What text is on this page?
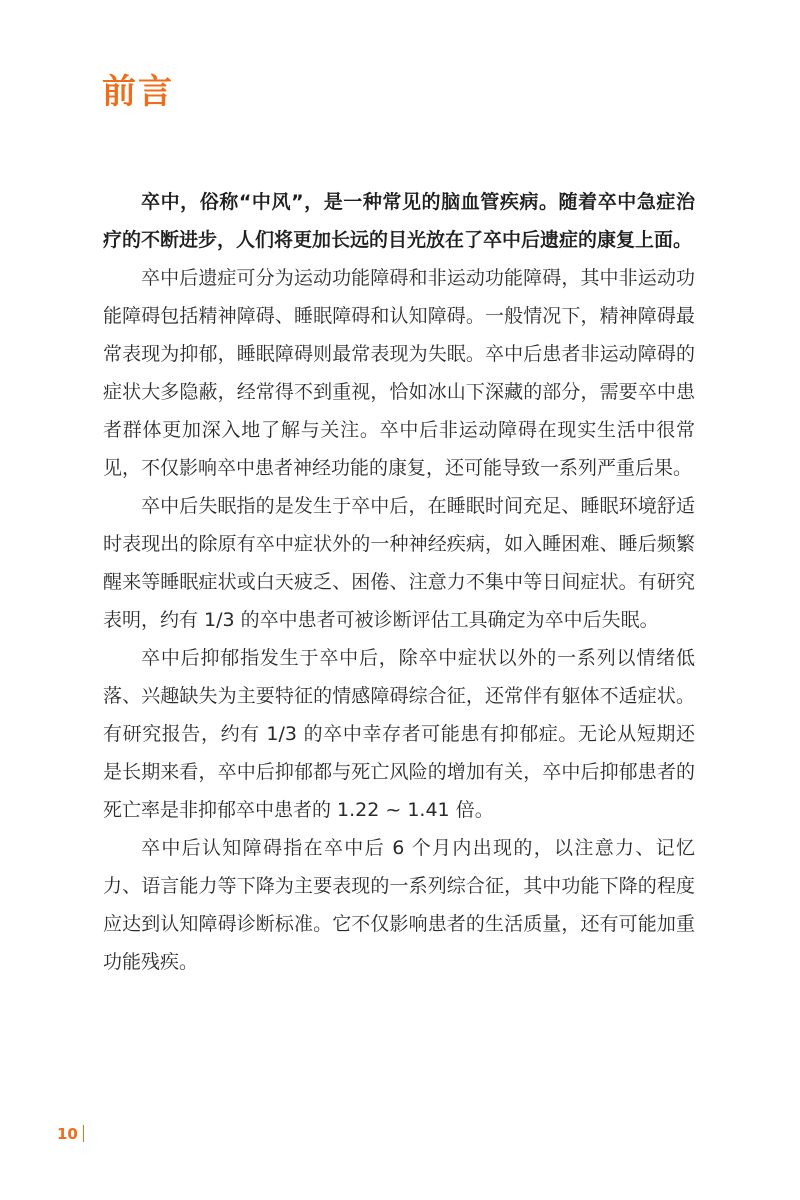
前言

卒中，俗称“中风”，是一种常见的脑血管疾病。随着卒中急症治疗的不断进步，人们将更加长远的目光放在了卒中后遗症的康复上面。

卒中后遗症可分为运动功能障碍和非运动功能障碍，其中非运动功能障碍包括精神障碍、睡眠障碍和认知障碍。一般情况下，精神障碍最常表现为抑郁，睡眠障碍则最常表现为失眠。卒中后患者非运动障碍的症状大多隐蔽，经常得不到重视，恰如冰山下深藏的部分，需要卒中患者群体更加深入地了解与关注。卒中后非运动障碍在现实生活中很常见，不仅影响卒中患者神经功能的康复，还可能导致一系列严重后果。

卒中后失眠指的是发生于卒中后，在睡眠时间充足、睡眠环境舒适时表现出的除原有卒中症状外的一种神经疾病，如入睡困难、睡后频繁醒来等睡眠症状或白天疲乏、困倦、注意力不集中等日间症状。有研究表明，约有 1/3 的卒中患者可被诊断评估工具确定为卒中后失眠。

卒中后抑郁指发生于卒中后，除卒中症状以外的一系列以情绪低落、兴趣缺失为主要特征的情感障碍综合征，还常伴有躯体不适症状。有研究报告，约有 1/3 的卒中幸存者可能患有抑郁症。无论从短期还是长期来看，卒中后抑郁都与死亡风险的增加有关，卒中后抑郁患者的死亡率是非抑郁卒中患者的 1.22 ~ 1.41 倍。

卒中后认知障碍指在卒中后 6 个月内出现的，以注意力、记忆力、语言能力等下降为主要表现的一系列综合征，其中功能下降的程度应达到认知障碍诊断标准。它不仅影响患者的生活质量，还有可能加重功能残疾。

10
